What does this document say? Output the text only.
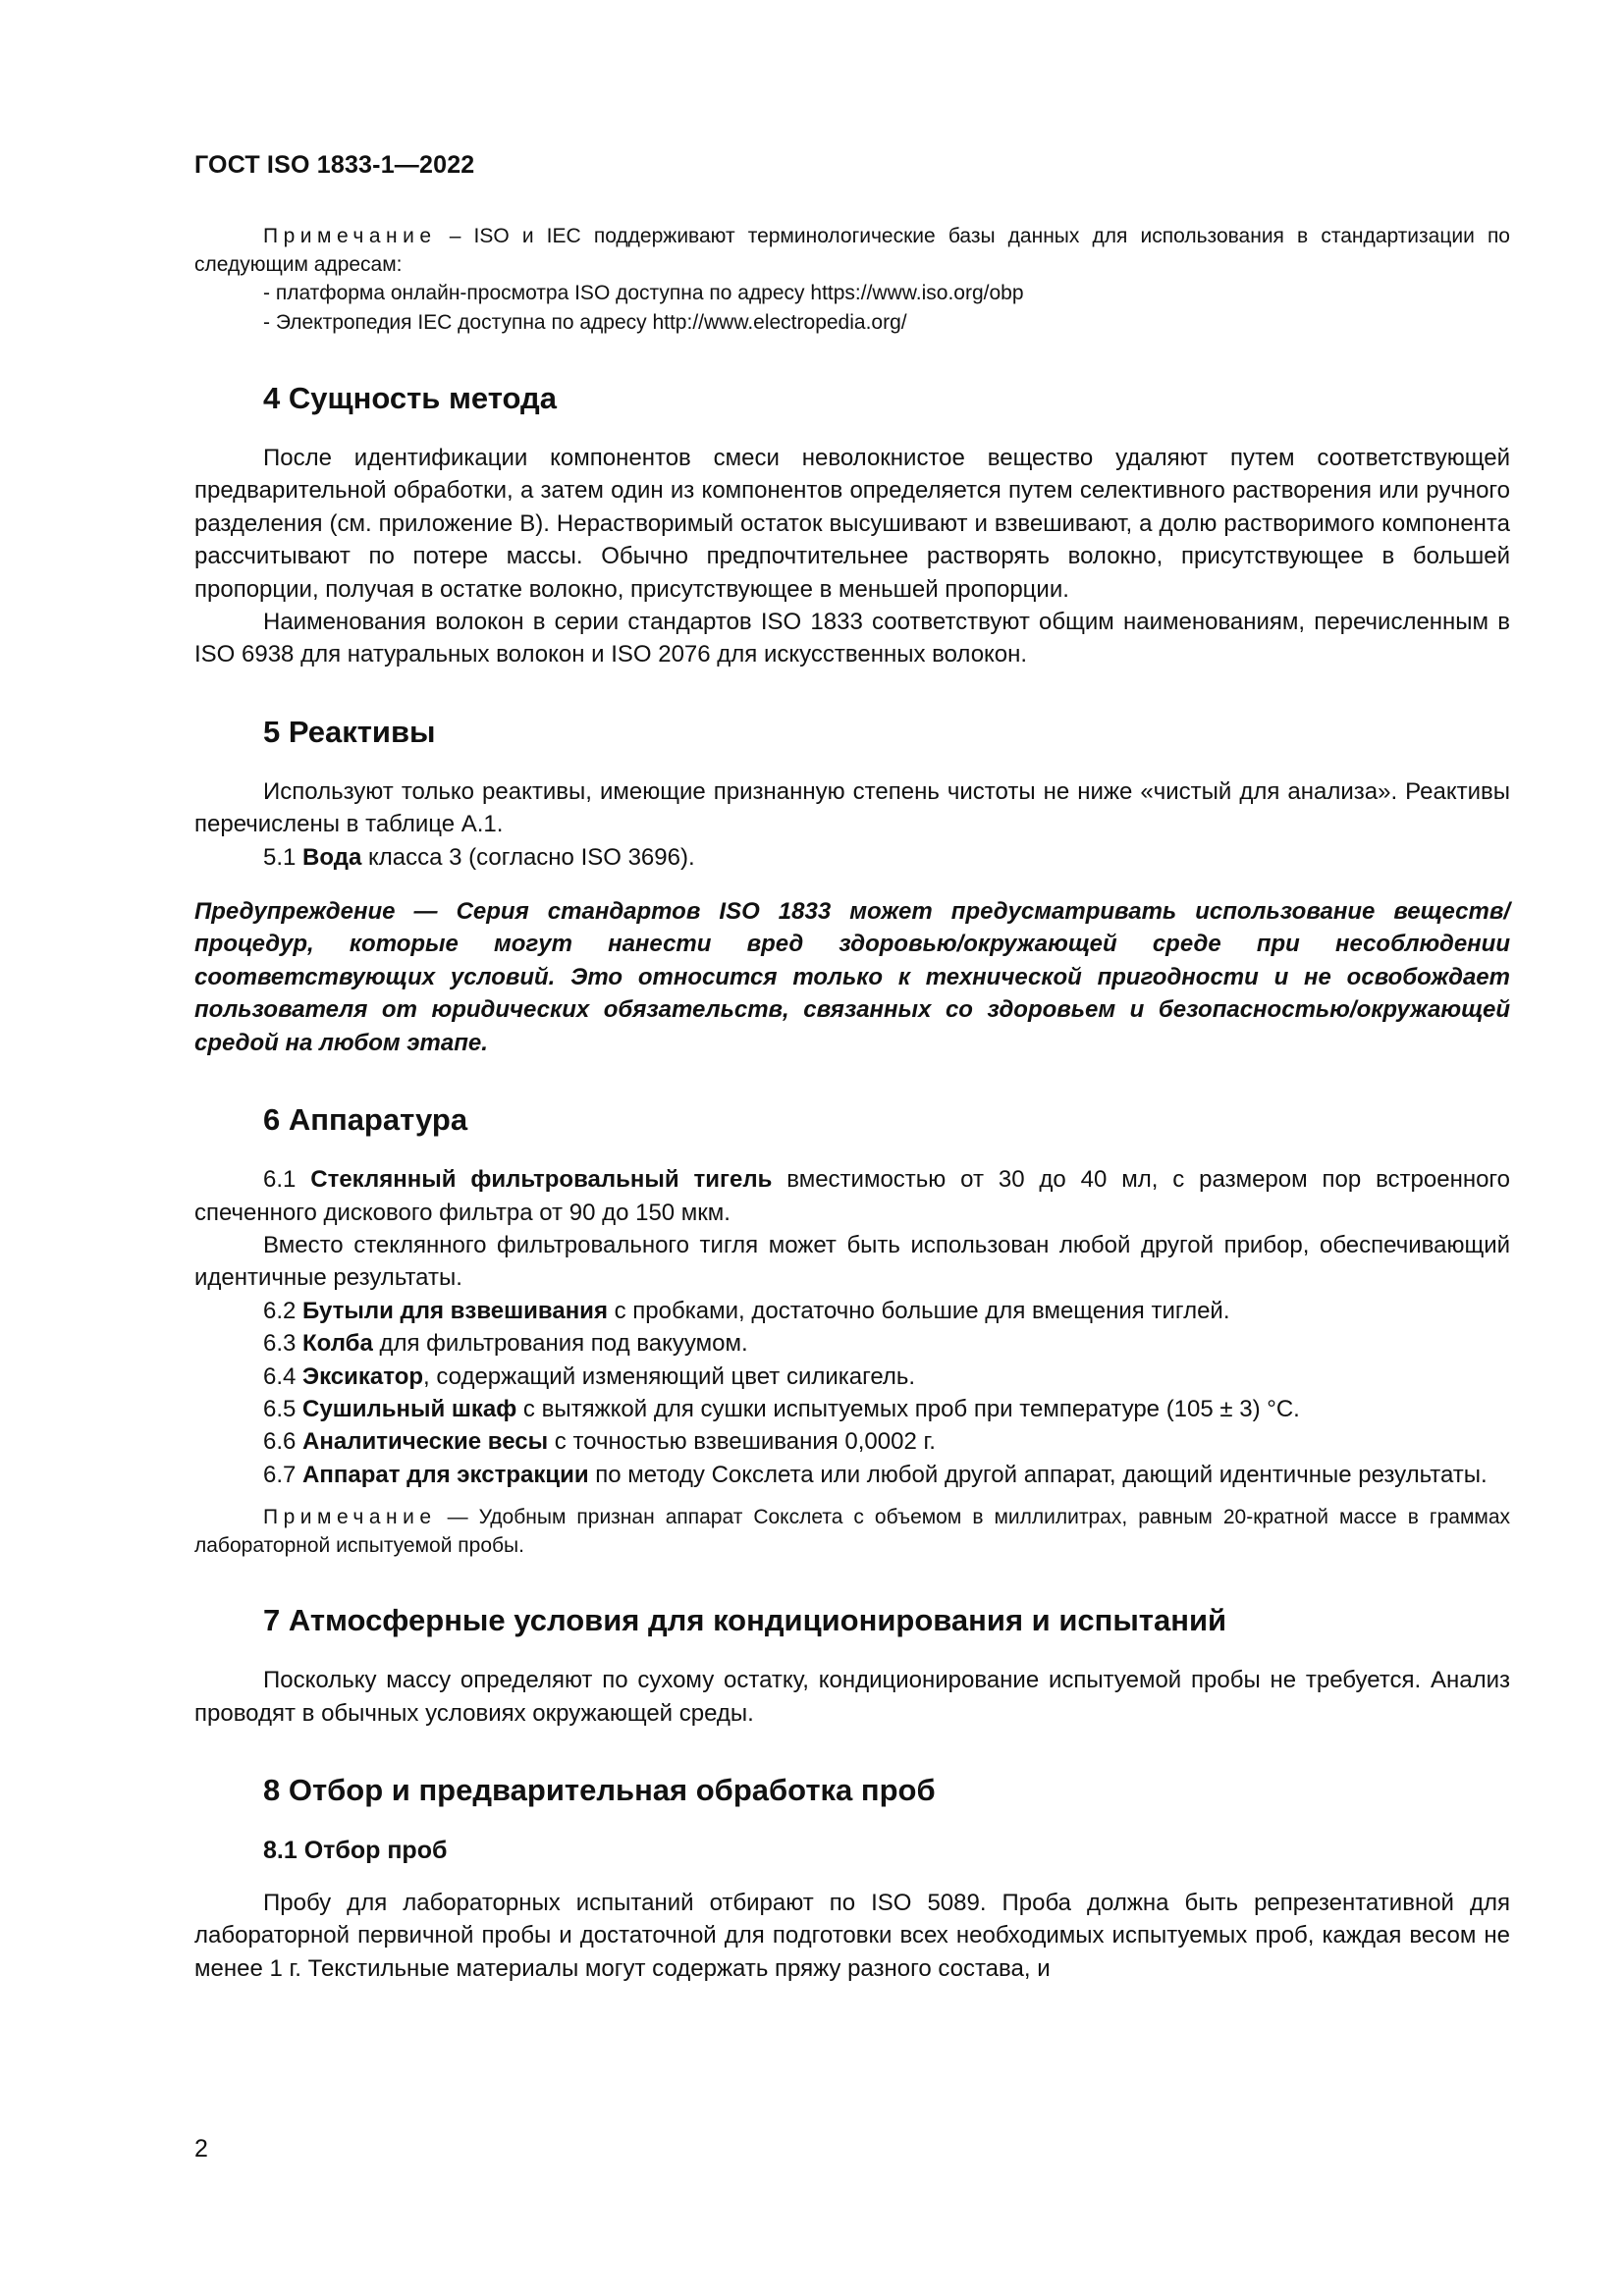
ГОСТ ISO 1833-1—2022

Примечание – ISO и IEC поддерживают терминологические базы данных для использования в стандартизации по следующим адресам:

- платформа онлайн-просмотра ISO доступна по адресу https://www.iso.org/obp
- Электропедия IEC доступна по адресу http://www.electropedia.org/
4 Сущность метода

После идентификации компонентов смеси неволокнистое вещество удаляют путем соответствующей предварительной обработки, а затем один из компонентов определяется путем селективного растворения или ручного разделения (см. приложение В). Нерастворимый остаток высушивают и взвешивают, а долю растворимого компонента рассчитывают по потере массы. Обычно предпочтительнее растворять волокно, присутствующее в большей пропорции, получая в остатке волокно, присутствующее в меньшей пропорции.

Наименования волокон в серии стандартов ISO 1833 соответствуют общим наименованиям, перечисленным в ISO 6938 для натуральных волокон и ISO 2076 для искусственных волокон.

5 Реактивы

Используют только реактивы, имеющие признанную степень чистоты не ниже «чистый для анализа». Реактивы перечислены в таблице А.1.

5.1 Вода класса 3 (согласно ISO 3696).

Предупреждение — Серия стандартов ISO 1833 может предусматривать использование веществ/процедур, которые могут нанести вред здоровью/окружающей среде при несоблюдении соответствующих условий. Это относится только к технической пригодности и не освобождает пользователя от юридических обязательств, связанных со здоровьем и безопасностью/окружающей средой на любом этапе.

6 Аппаратура

6.1 Стеклянный фильтровальный тигель вместимостью от 30 до 40 мл, с размером пор встроенного спеченного дискового фильтра от 90 до 150 мкм.

Вместо стеклянного фильтровального тигля может быть использован любой другой прибор, обеспечивающий идентичные результаты.

6.2 Бутыли для взвешивания с пробками, достаточно большие для вмещения тиглей.

6.3 Колба для фильтрования под вакуумом.

6.4 Эксикатор, содержащий изменяющий цвет силикагель.

6.5 Сушильный шкаф с вытяжкой для сушки испытуемых проб при температуре (105 ± 3) °С.

6.6 Аналитические весы с точностью взвешивания 0,0002 г.

6.7 Аппарат для экстракции по методу Сокслета или любой другой аппарат, дающий идентичные результаты.

Примечание — Удобным признан аппарат Сокслета с объемом в миллилитрах, равным 20-кратной массе в граммах лабораторной испытуемой пробы.

7 Атмосферные условия для кондиционирования и испытаний

Поскольку массу определяют по сухому остатку, кондиционирование испытуемой пробы не требуется. Анализ проводят в обычных условиях окружающей среды.

8 Отбор и предварительная обработка проб
8.1 Отбор проб

Пробу для лабораторных испытаний отбирают по ISO 5089. Проба должна быть репрезентативной для лабораторной первичной пробы и достаточной для подготовки всех необходимых испытуемых проб, каждая весом не менее 1 г. Текстильные материалы могут содержать пряжу разного состава, и

2
